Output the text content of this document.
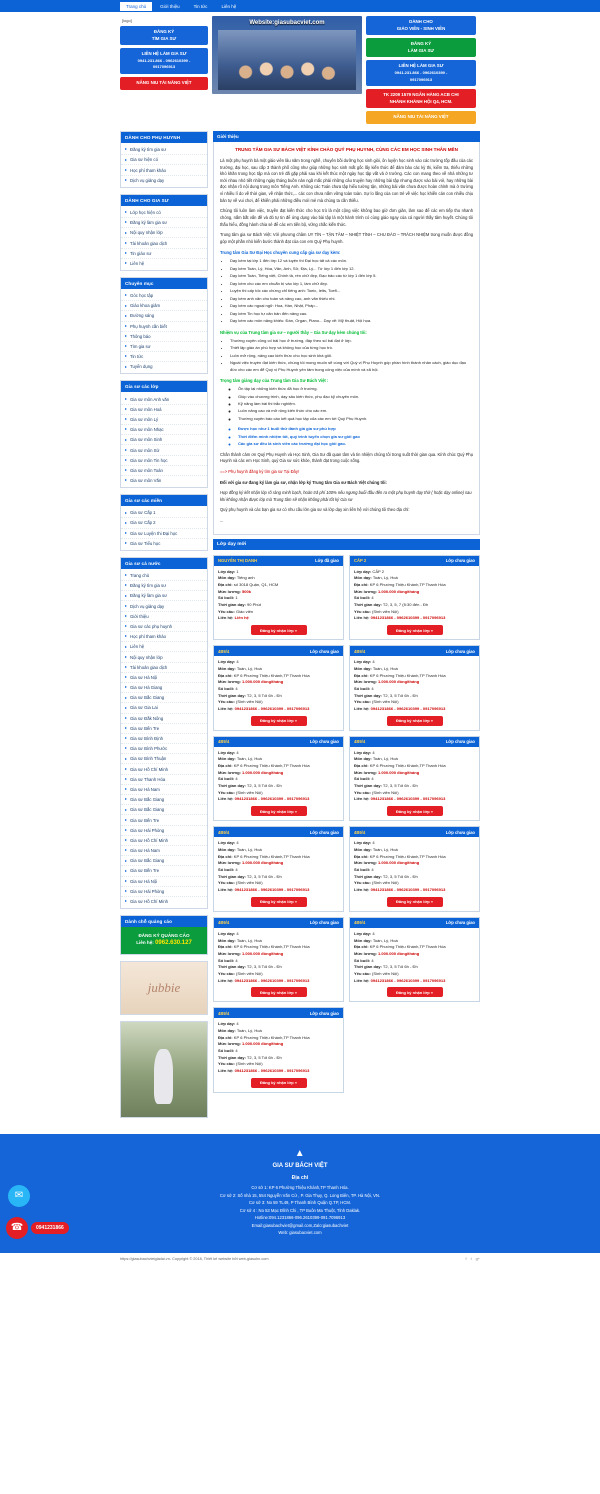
Trang chủ	Giới thiệu	Tin tức	Liên hệ
[logo]
ĐĂNG KÝ
TÌM GIA SƯ
LIÊN HỆ LÀM GIA SƯ
0941.231.866 - 0962610399 -
0917096913
NÂNG NIU TÀI NĂNG VIỆT
Website:giasubacviet.com	DÀNH CHO
GIÁO VIÊN - SINH VIÊN
ĐĂNG KÝ
LÀM GIA SƯ
LIÊN HỆ LÀM GIA SƯ
0941.231.866 - 0962610399 -
0917096913
TK 2209 1579 NGÂN HÀNG ACB CHI
NHÁNH KHÁNH HỘI Q4, HCM.
NÂNG NIU TÀI NĂNG VIỆT
DÀNH CHO PHỤ HUYNH
Đăng ký tìm gia sư
Gia sư hiện có
Học phí tham khảo
Dịch vụ giảng dạy
DÀNH CHO GIA SƯ
Lớp học hiện có
Đăng ký làm gia sư
Nội quy nhận lớp
Tài khoản giao dịch
Tin giáo sư
Liên hệ
Chuyên mục
Góc học tập
Giáo khoa giảm
Đường sáng
Phụ huynh cần biết
Thông báo
Tìm gia sư
Tin tức
Tuyển dụng
Gia sư các lớp
Gia sư môn Anh văn
Gia sư môn Hoá
Gia sư môn Lý
Gia sư môn Nhạc
Gia sư môn Sinh
Gia sư môn Sử
Gia sư môn Tin học
Gia sư môn Toán
Gia sư môn Văn
Gia sư các miền
Gia sư Cấp 1
Gia sư Cấp 2
Gia sư Luyện thi Đại học
Gia sư Tiểu học
Gia sư cả nước
Trang chủ
Đăng ký tìm gia sư
Đăng ký làm gia sư
Dịch vụ giảng dạy
Giới thiệu
Gia sư các phụ huynh
Học phí tham khảo
Liên hệ
Nội quy nhận lớp
Tài khoản giao dịch
Gia sư Hà Nội
Gia sư Hà Giang
Gia sư Bắc Giang
Gia sư Gia Lai
Gia sư Đắk Nông
Gia sư Bến Tre
Gia sư Bình Định
Gia sư Bình Phước
Gia sư Bình Thuận
Gia sư Hồ Chí Minh
Gia sư Thanh Hóa
Gia sư Hà Nam
Gia sư Bắc Giang
Gia sư Bắc Giang
Gia sư Bến Tre
Gia sư Hải Phòng
Gia sư Hồ Chí Minh
Gia sư Hà Nam
Gia sư Bắc Giang
Gia sư Bến Tre
Gia sư Hà Nội
Gia sư Hải Phòng
Gia sư Hồ Chí Minh
Dành chỗ quảng cáo
ĐĂNG KÝ QUẢNG CÁO
Liên hệ: 0962.630.127
jubbie
Giới thiệu
TRUNG TÂM GIA SƯ BÁCH VIỆT KÍNH CHÀO QUÝ PHỤ HUYNH, CÙNG CÁC EM HỌC SINH THÂN MẾN

Là một phụ huynh bà một giáo viên lâu năm trong nghề, chuyên bồi dưỡng học sinh giỏi, ôn luyện học sinh vào các trường tốp đầu của các trường, đại học, sau cấp 3 thành phố cũng như giúp những học sinh mất gốc lấy kiến thức để đảm bảo các kỳ thi, kiểm tra, thiếu những khó khăn trong học tập mà con trẻ đã gặp phải sau khi kết thúc một ngày học tập vất vả ở trường. Các con mang theo về nhà những tư mới nhau nhỏ tiết những ngày tháng buồn nản ngã mắc phải những câu truyện hay những bài tập nhưng được vào bài với, hay những bài đọc nhận rõ nội dung trong môn Tiếng Anh. Không các Toán chưa tập hiểu tường tận, những bài văn chưa được hoàn chỉnh mà ở trường vì nhiều lí do về thời gian, về nhận thức,... các con chưa nắm vững toàn toàn. Sự lo lắng của con trẻ về việc học khiến cán con nhiều chịu bản tự về vui chơi, để khiến phải những điều mới mẻ mà chúng ta cần thiếu.

Chúng tôi luôn làm việc, truyền đạt kiến thức cho học trò là một cộng việc không bao giờ đơn giản, làm sao để các em tiếp thu nhanh chóng, nắm bắt vấn đề và đó tự tin để ứng dụng vào bài tập là một hành trình có cùng giáo ngay của cá người thầy tâm huyết. Chúng tôi thấu hiểu, đồng hành chia sẻ để các em tiến bộ, vững chắc kiến thức.

Trung tâm gia sư Bách Việt: Với phương châm UY TÍN – TẬN TÂM – NHIỆT TÌNH – CHU ĐÁO – TRÁCH NHIỆM trong muốn được đồng góp một phần nhỏ kiến bước thành đạt của con em Quý Phụ huynh.

Trung tâm Gia Sư Đại Học chuyên cung cấp gia sư dạy kèm:
• Dạy kèm tại lớp 1 đến lớp 12 và luyện thi Đại học tất cả các môn.
• Dạy kèm Toán, Lý, Hóa, Văn, Anh, Sử, Địa, Lý... Từ lớp 1 đến lớp 12.
• Dạy kèm Toán, Tiếng việt, Chính tả, rèn chữ đẹp, Đạo bảo các từ lớp 1 đến lớp 5.
• Dạy kèm cho các em chuẩn bị vào lớp 1, làm chữ đẹp.
• Luyện thi cấp tốc các chứng chỉ tiếng anh: Toeic, Ielts, Toefl...
• Dạy kèm anh văn cho toàn và nâng cao, anh văn thiếu nhi.
• Dạy kèm các ngoại ngữ: Hoa, Hàn, Nhật, Pháp...
• Dạy kèm Tin học tự căn bản đến nâng cao.
• Dạy kèm các môn năng khiếu: Đàn, Organ, Piano... Dạy vẽ: Mỹ thuật, Hội họa.
Nhiệm vụ của Trung tâm gia sư – người thầy – Gia Sư dạy kèm chúng tôi:
• Thường xuyên củng cố bài học ở trường, đáp theo số bài đạt ở lớp.
• Thiết lập giáo án phù hợp và không học của từng học trò.
• Luôn mở rộng, nâng cao kiến thức cho học sinh khá giỏi.
• Ngoài việc truyền đạt kiến thức, chúng tôi mong muốn sẽ cùng với Quý vị Phụ Huynh góp phần hình thành nhân cách, giáo dục đạo đức cho các em để Quý vị Phụ Huynh yên tâm trong công việc của mình và xã hội.
Trọng tâm giảng dạy của Trung tâm Gia Sư Bách Việt :
◦ Ôn tập lại những kiến thức đã học ở trường.
◦ Giúp vào chương trình, dạy sâu kiến thức, phụ đạo kỹ chuyên môn.
◦ Kỹ năng làm bài thi trắc nghiệm.
◦ Luôn nâng cao và mở rộng kiến thức cho các em.
◦ Thường xuyên báo cáo kết quả học tập của các em tới Quý Phụ Huynh.
◦ Được học như 1 buổi thử đánh giá gia sư phù hợp
◦ Thời điểm mình nhiệm tốt, quý trình tuyển chọn gia sư giỏi gao
◦ Các gia sư đều là sinh viên các trường đại học giỏi gao.

Chân thành cảm ơn Quý Phụ Huynh và Học Sinh, Gia Sư đã quan tâm và tin nhiệm chúng tôi trong suốt thời gian qua. Kính chúc Quý Phụ Huynh và các em Học Sinh, quý Gia sư sức khỏe, thành đạt trong cuộc sống.

==> Phụ huynh đăng ký tìm gia sư Tại Đây!

Đối với gia sư đang ký làm gia sư, nhận lớp ký Trung tâm Gia sư Bách Việt chúng tôi:

Hợp đồng ký kết nhận lớp rõ ràng minh bạch, hoàn trả phí 100% nếu ngưng buổi đầu đến ra một phụ huynh dạy thử ( hoặc dạy online) sau khi không nhận được lớp mà Trung tâm sẽ nhận không phải tốt ký Gia sư

Quý phụ huynh và các bạn gia sư có nhu cầu lớn gia sư và lớp dạy xin liên hệ với chúng tôi theo địa chỉ:

...

Lớp dạy mới
NGUYỄN THỊ DANH	Lớp đã giao
Lớp dạy: 1
Môn dạy: Tiếng anh
Địa chỉ: số 3018 Quận, Q1, HCM
Mức lương: 500k
Số buổi: 1
Thời gian dạy: 90 Phút
Yêu cầu: Giáo viên
Liên hệ: Liên hệ
Đăng ký nhận lớp »
CẤP 2	Lớp chưa giao
Lớp dạy: CẤP 2
Môn dạy: Toán, Lý, Hoá
Địa chỉ: KP 6 Phường Thiệu Khánh,TP Thanh Hóa
Mức lương: 1.000.000 đồng/tháng
Số buổi: 4
Thời gian dạy: T2, 3, 5, 7 (5:30 đến - Đh
Yêu cầu: (Sinh viên Nội)
Liên hệ: 0941231866 - 0962610399 - 0917096913
Đăng ký nhận lớp »
4B9/4	Lớp chưa giao
Lớp dạy: 4
Môn dạy: Toán, Lý, Hoá
Địa chỉ: KP 6 Phường Thiệu Khánh,TP Thanh Hóa
Mức lương: 1.000.000 đồng/tháng
Số buổi: 4
Thời gian dạy: T2, 3, 5 Tối 6h - Đh
Yêu cầu: (Sinh viên Nội)
Liên hệ: 0941231866 - 0962610399 - 0917096913
Đăng ký nhận lớp »
4B9/4	Lớp chưa giao
Lớp dạy: 4
Môn dạy: Toán, Lý, Hoá
Địa chỉ: KP 6 Phường Thiệu Khánh,TP Thanh Hóa
Mức lương: 1.000.000 đồng/tháng
Số buổi: 4
Thời gian dạy: T2, 3, 5 Tối 6h - Đh
Yêu cầu: (Sinh viên Nội)
Liên hệ: 0941231866 - 0962610399 - 0917096913
Đăng ký nhận lớp »
4B9/4	Lớp chưa giao
Lớp dạy: 4
Môn dạy: Toán, Lý, Hoá
Địa chỉ: KP 6 Phường Thiệu Khánh,TP Thanh Hóa
Mức lương: 1.000.000 đồng/tháng
Số buổi: 4
Thời gian dạy: T2, 3, 5 Tối 6h - Đh
Yêu cầu: (Sinh viên Nội)
Liên hệ: 0941231866 - 0962610399 - 0917096913
Đăng ký nhận lớp »
4B9/4	Lớp chưa giao
Lớp dạy: 4
Môn dạy: Toán, Lý, Hoá
Địa chỉ: KP 6 Phường Thiệu Khánh,TP Thanh Hóa
Mức lương: 1.000.000 đồng/tháng
Số buổi: 4
Thời gian dạy: T2, 3, 5 Tối 6h - Đh
Yêu cầu: (Sinh viên Nội)
Liên hệ: 0941231866 - 0962610399 - 0917096913
Đăng ký nhận lớp »
4B9/4	Lớp chưa giao
Lớp dạy: 4
Môn dạy: Toán, Lý, Hoá
Địa chỉ: KP 6 Phường Thiệu Khánh,TP Thanh Hóa
Mức lương: 1.000.000 đồng/tháng
Số buổi: 4
Thời gian dạy: T2, 3, 5 Tối 6h - Đh
Yêu cầu: (Sinh viên Nội)
Liên hệ: 0941231866 - 0962610399 - 0917096913
Đăng ký nhận lớp »
4B9/4	Lớp chưa giao
Lớp dạy: 4
Môn dạy: Toán, Lý, Hoá
Địa chỉ: KP 6 Phường Thiệu Khánh,TP Thanh Hóa
Mức lương: 1.000.000 đồng/tháng
Số buổi: 4
Thời gian dạy: T2, 3, 5 Tối 6h - Đh
Yêu cầu: (Sinh viên Nội)
Liên hệ: 0941231866 - 0962610399 - 0917096913
Đăng ký nhận lớp »
4B9/4	Lớp chưa giao
Lớp dạy: 4
Môn dạy: Toán, Lý, Hoá
Địa chỉ: KP 6 Phường Thiệu Khánh,TP Thanh Hóa
Mức lương: 1.000.000 đồng/tháng
Số buổi: 4
Thời gian dạy: T2, 3, 5 Tối 6h - Đh
Yêu cầu: (Sinh viên Nội)
Liên hệ: 0941231866 - 0962610399 - 0917096913
Đăng ký nhận lớp »
4B9/4	Lớp chưa giao
Lớp dạy: 4
Môn dạy: Toán, Lý, Hoá
Địa chỉ: KP 6 Phường Thiệu Khánh,TP Thanh Hóa
Mức lương: 1.000.000 đồng/tháng
Số buổi: 4
Thời gian dạy: T2, 3, 5 Tối 6h - Đh
Yêu cầu: (Sinh viên Nội)
Liên hệ: 0941231866 - 0962610399 - 0917096913
Đăng ký nhận lớp »
4B9/4	Lớp chưa giao
Lớp dạy: 4
Môn dạy: Toán, Lý, Hoá
Địa chỉ: KP 6 Phường Thiệu Khánh,TP Thanh Hóa
Mức lương: 1.000.000 đồng/tháng
Số buổi: 4
Thời gian dạy: T2, 3, 5 Tối 6h - Đh
Yêu cầu: (Sinh viên Nội)
Liên hệ: 0941231866 - 0962610399 - 0917096913
Đăng ký nhận lớp »
▲
GIA SƯ BÁCH VIỆT
Địa chỉ
Cơ sở 1: KP 6 Phường Thiệu Khánh,TP Thanh Hóa.
Cơ sở 2: Số nhà 15, 554 Nguyễn Văn Cừ , P. Gia Thụy, Q. Long Biên, TP. Hà Nội, VN.
Cơ sở 3: No 59 TL49, P Thanh Bình Quận Q.TP, HCM.
Cơ sở 4 : No 53 Mạc Đĩnh Chi , TP Buôn Ma Thuột, Tỉnh Daklak.
Hotline:094.1231866-096.2610399-091.7096913
Email:giasubachviet@gmail.com,Zalo:giasubachviet
Web: giasubacviet.com
https://giasubachvietgiadai.vn- Copyright © 2018, Thiết kế website bởi web-giasuhn.com	f t g+
✉
☎	0941231866
